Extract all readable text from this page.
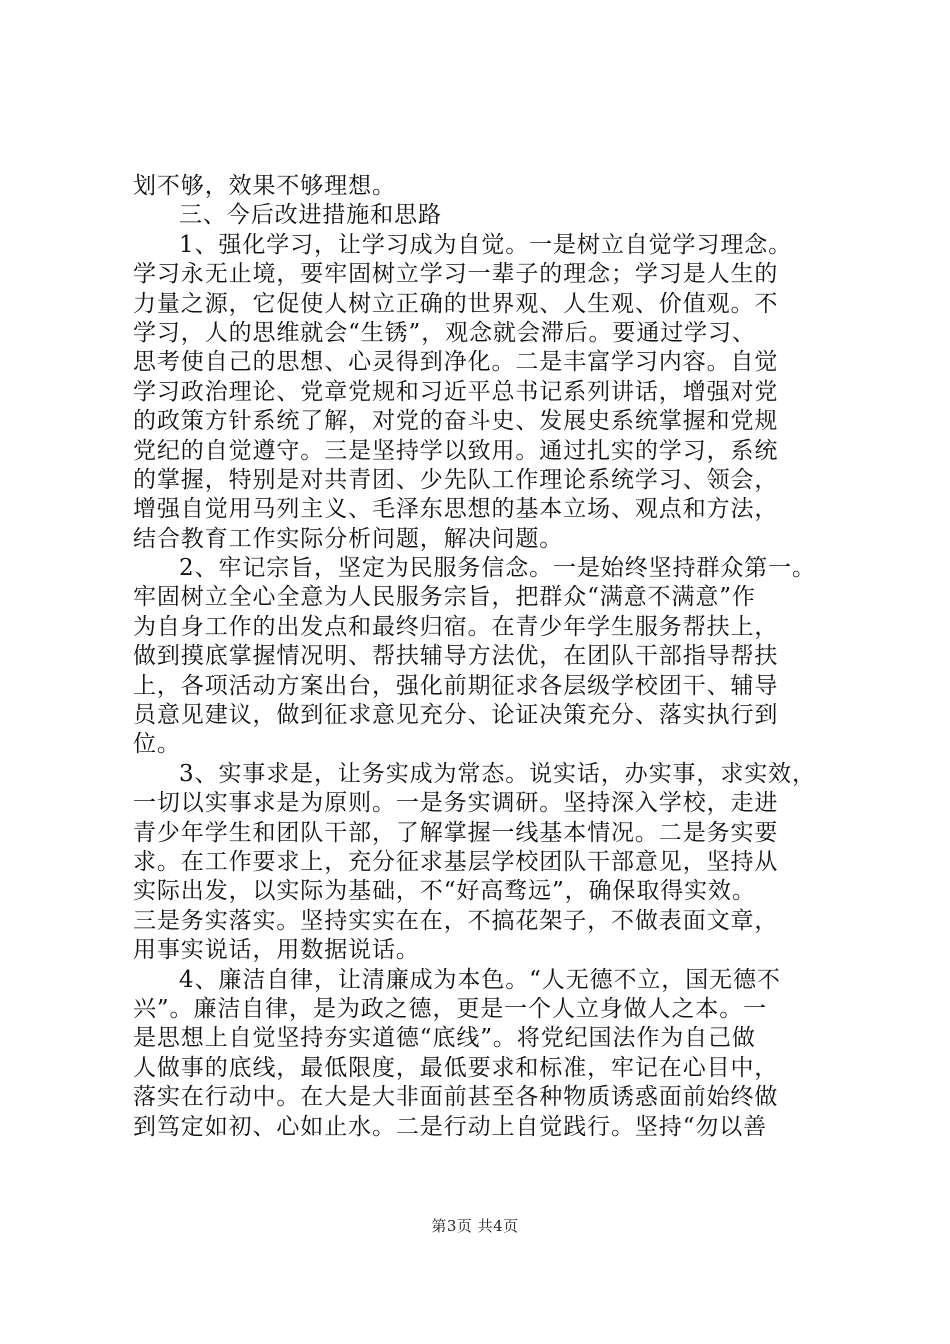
划不够，效果不够理想。
三、今后改进措施和思路
1、强化学习，让学习成为自觉。一是树立自觉学习理念。
学习永无止境，要牢固树立学习一辈子的理念；学习是人生的
力量之源，它促使人树立正确的世界观、人生观、价值观。不
学习，人的思维就会“生锈”，观念就会滞后。要通过学习、
思考使自己的思想、心灵得到净化。二是丰富学习内容。自觉
学习政治理论、党章党规和习近平总书记系列讲话，增强对党
的政策方针系统了解，对党的奋斗史、发展史系统掌握和党规
党纪的自觉遵守。三是坚持学以致用。通过扎实的学习，系统
的掌握，特别是对共青团、少先队工作理论系统学习、领会，
增强自觉用马列主义、毛泽东思想的基本立场、观点和方法，
结合教育工作实际分析问题，解决问题。
2、牢记宗旨，坚定为民服务信念。一是始终坚持群众第一。
牢固树立全心全意为人民服务宗旨，把群众“满意不满意”作
为自身工作的出发点和最终归宿。在青少年学生服务帮扶上，
做到摸底掌握情况明、帮扶辅导方法优，在团队干部指导帮扶
上，各项活动方案出台，强化前期征求各层级学校团干、辅导
员意见建议，做到征求意见充分、论证决策充分、落实执行到
位。
3、实事求是，让务实成为常态。说实话，办实事，求实效，
一切以实事求是为原则。一是务实调研。坚持深入学校，走进
青少年学生和团队干部，了解掌握一线基本情况。二是务实要
求。在工作要求上，充分征求基层学校团队干部意见，坚持从
实际出发，以实际为基础，不“好高骛远”，确保取得实效。
三是务实落实。坚持实实在在，不搞花架子，不做表面文章，
用事实说话，用数据说话。
4、廉洁自律，让清廉成为本色。“人无德不立，国无德不
兴”。廉洁自律，是为政之德，更是一个人立身做人之本。一
是思想上自觉坚持夯实道德“底线”。将党纪国法作为自己做
人做事的底线，最低限度，最低要求和标准，牢记在心目中，
落实在行动中。在大是大非面前甚至各种物质诱惑面前始终做
到笃定如初、心如止水。二是行动上自觉践行。坚持“勿以善
第3页 共4页
